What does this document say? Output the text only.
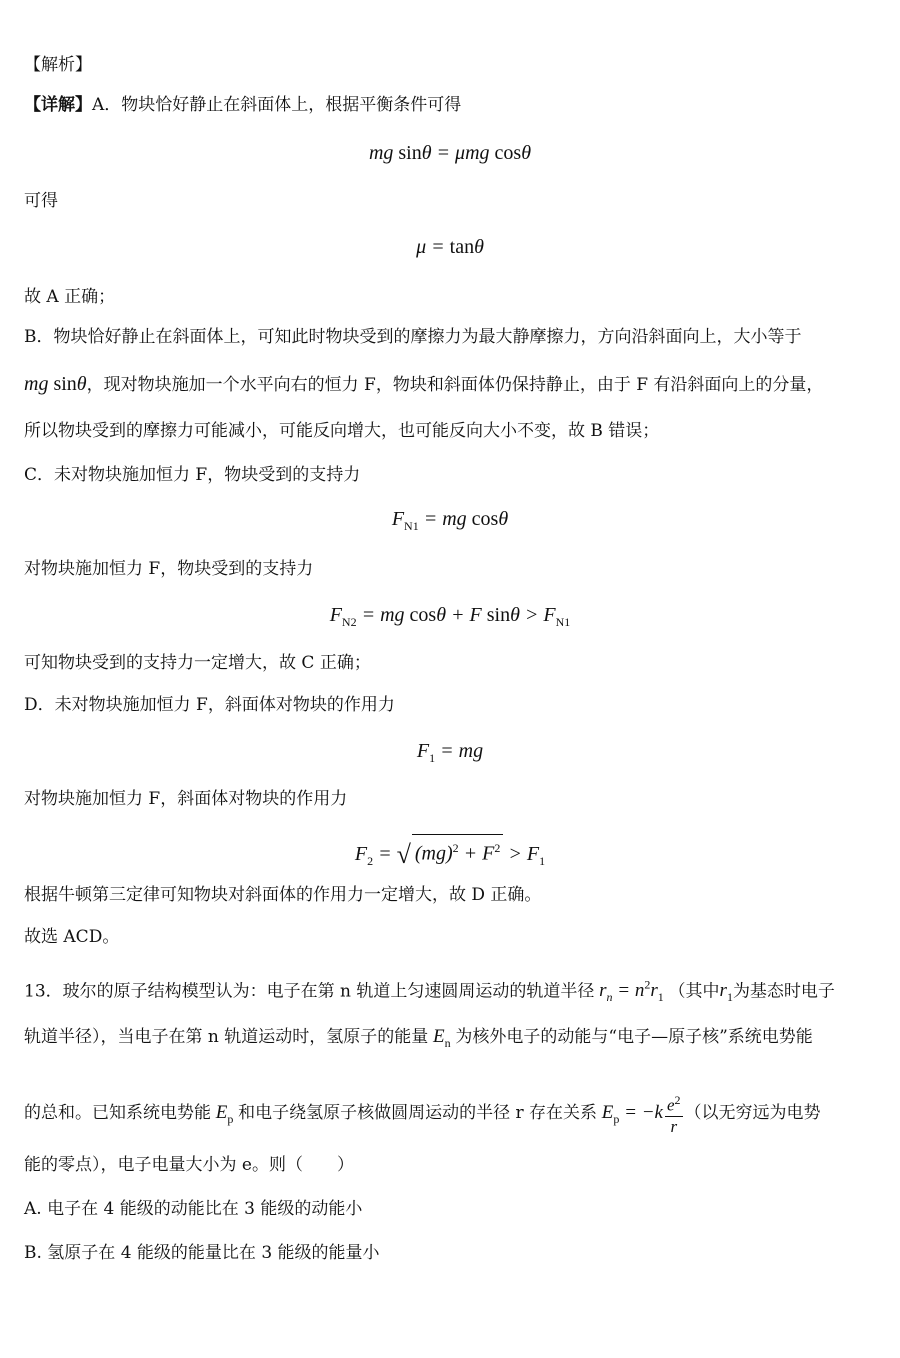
【解析】
【详解】A．物块恰好静止在斜面体上，根据平衡条件可得
mg sinθ = μmg cosθ
可得
μ = tanθ
故 A 正确；
B．物块恰好静止在斜面体上，可知此时物块受到的摩擦力为最大静摩擦力，方向沿斜面向上，大小等于
mg sinθ，现对物块施加一个水平向右的恒力 F，物块和斜面体仍保持静止，由于 F 有沿斜面向上的分量，
所以物块受到的摩擦力可能减小，可能反向增大，也可能反向大小不变，故 B 错误；
C．未对物块施加恒力 F，物块受到的支持力
$F_{N1}$ = mg cosθ
对物块施加恒力 F，物块受到的支持力
$F_{N2}$ = mg cosθ + F $\sin\theta > F_{N1}$
可知物块受到的支持力一定增大，故 C 正确；
D．未对物块施加恒力 F，斜面体对物块的作用力
$F_1$ = mg
对物块施加恒力 F，斜面体对物块的作用力
$F_2$ = √ $(mg)^2 + F^2 > F_1$
根据牛顿第三定律可知物块对斜面体的作用力一定增大，故 D 正确。
故选 ACD。
13．玻尔的原子结构模型认为：电子在第 n 轨道上匀速圆周运动的轨道半径 $r_n = n^2r_1$ （其中$r_1$为基态时电子
轨道半径），当电子在第 n 轨道运动时，氢原子的能量 $E_n$ 为核外电子的动能与“电子—原子核”系统电势能
的总和。已知系统电势能 $E_p$ 和电子绕氢原子核做圆周运动的半径 r 存在关系 $E_p = -k \frac{e^2}{r}$ （以无穷远为电势
能的零点），电子电量大小为 e。则（　　）
A. 电子在 4 能级的动能比在 3 能级的动能小
B. 氢原子在 4 能级的能量比在 3 能级的能量小
